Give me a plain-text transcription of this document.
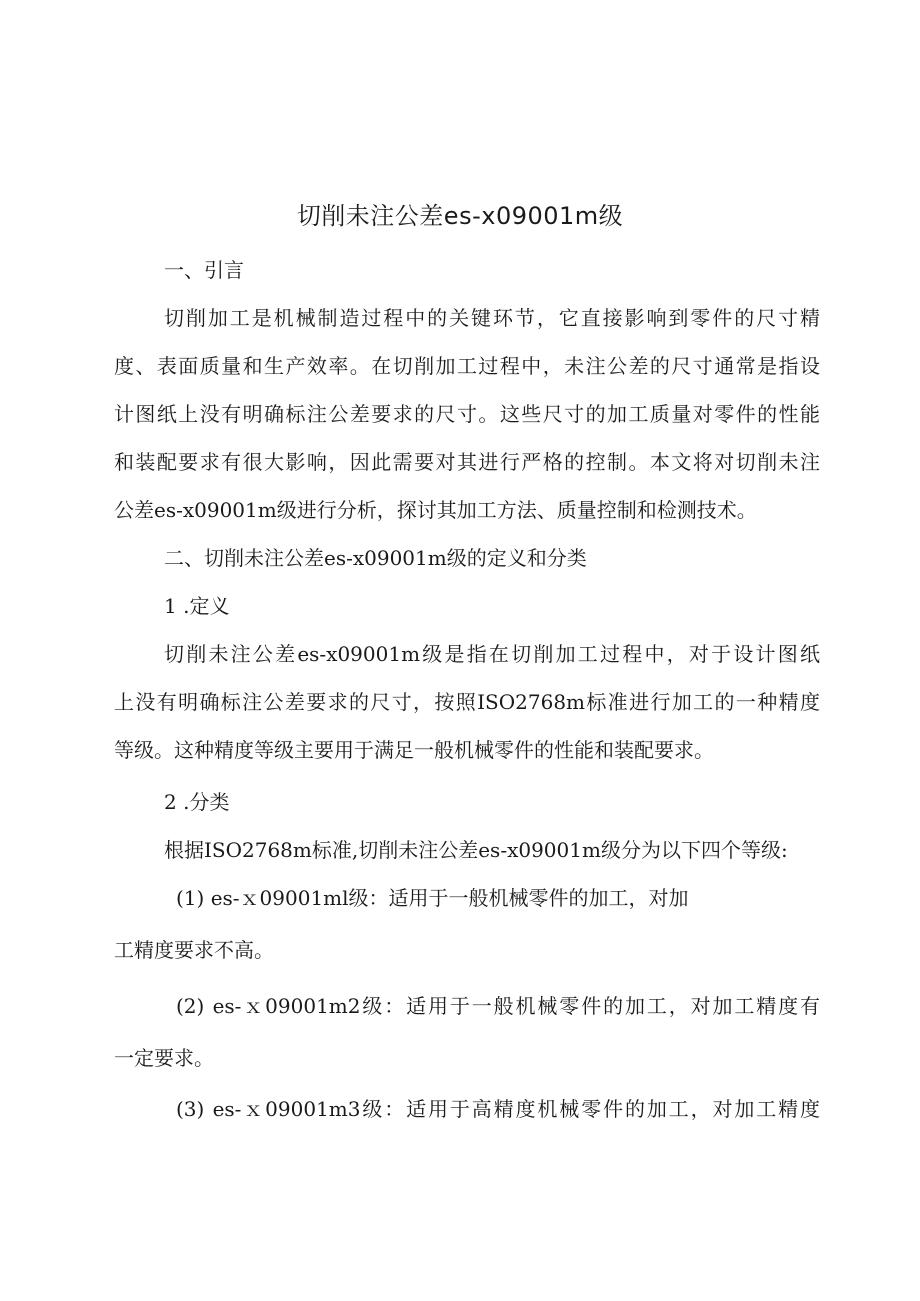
切削未注公差es-x09001m级
一、引言
切削加工是机械制造过程中的关键环节，它直接影响到零件的尺寸精
度、表面质量和生产效率。在切削加工过程中，未注公差的尺寸通常是指设
计图纸上没有明确标注公差要求的尺寸。这些尺寸的加工质量对零件的性能
和装配要求有很大影响，因此需要对其进行严格的控制。本文将对切削未注
公差es-x09001m级进行分析，探讨其加工方法、质量控制和检测技术。
二、切削未注公差es-x09001m级的定义和分类
1 .定义
切削未注公差es-x09001m级是指在切削加工过程中，对于设计图纸
上没有明确标注公差要求的尺寸，按照ISO2768m标准进行加工的一种精度
等级。这种精度等级主要用于满足一般机械零件的性能和装配要求。
2 .分类
根据ISO2768m标准,切削未注公差es-x09001m级分为以下四个等级:
(1) es-ｘ09001ml级：适用于一般机械零件的加工，对加
工精度要求不高。
(2) es-ｘ09001m2级：适用于一般机械零件的加工，对加工精度有
一定要求。
(3) es-ｘ09001m3级：适用于高精度机械零件的加工，对加工精度
